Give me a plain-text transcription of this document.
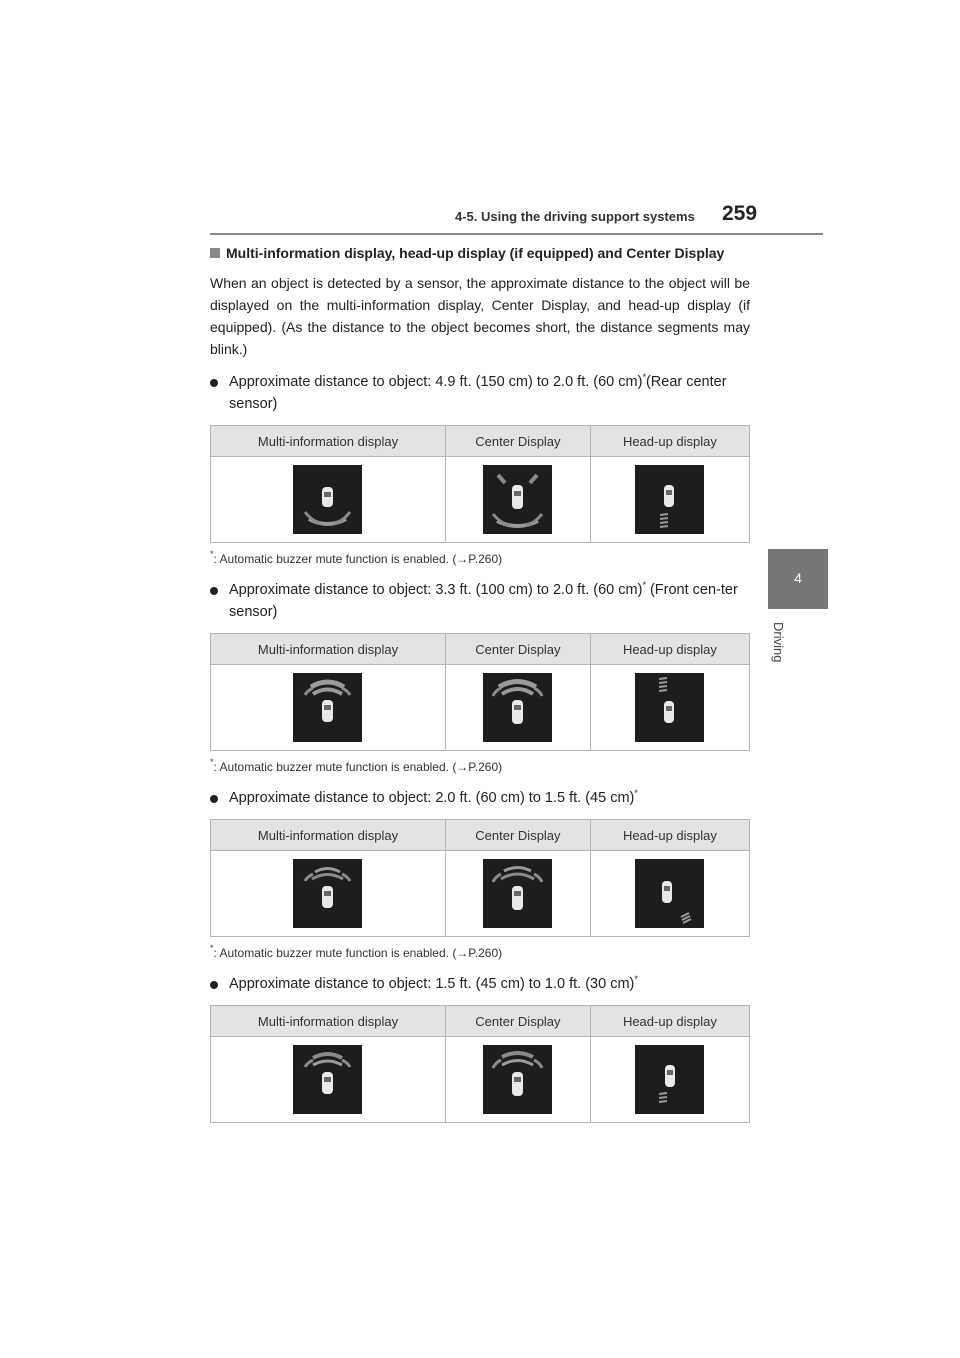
4-5. Using the driving support systems 259
4
Driving
Multi-information display, head-up display (if equipped) and Center Display

When an object is detected by a sensor, the approximate distance to the object will be displayed on the multi-information display, Center Display, and head-up display (if equipped). (As the distance to the object becomes short, the distance segments may blink.)

Approximate distance to object: 4.9 ft. (150 cm) to 2.0 ft. (60 cm)*(Rear center sensor)
Multi-information display	Center Display	Head-up display

*: Automatic buzzer mute function is enabled. (→P.260)
Approximate distance to object: 3.3 ft. (100 cm) to 2.0 ft. (60 cm)* (Front cen-ter sensor)
Multi-information display	Center Display	Head-up display

*: Automatic buzzer mute function is enabled. (→P.260)
Approximate distance to object: 2.0 ft. (60 cm) to 1.5 ft. (45 cm)*
Multi-information display	Center Display	Head-up display

*: Automatic buzzer mute function is enabled. (→P.260)
Approximate distance to object: 1.5 ft. (45 cm) to 1.0 ft. (30 cm)*
Multi-information display	Center Display	Head-up display
